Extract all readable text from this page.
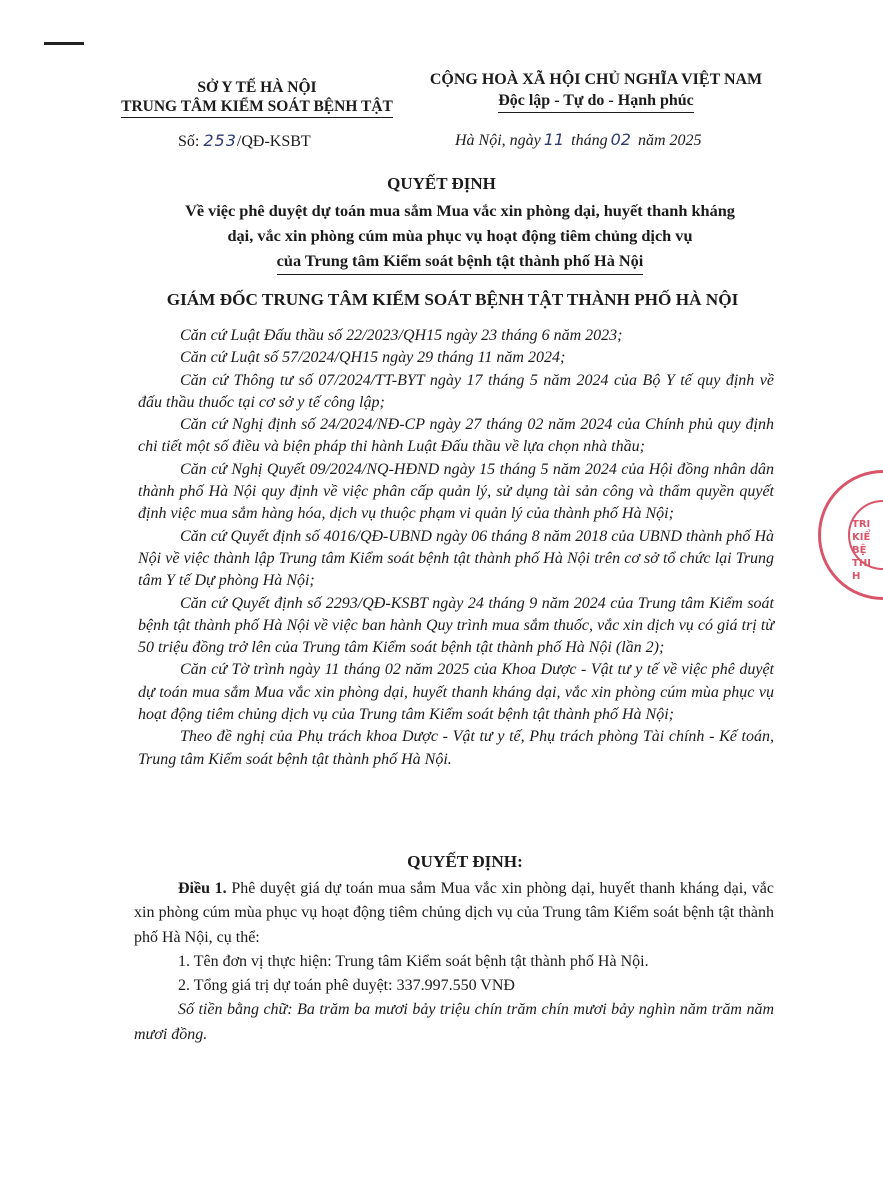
SỞ Y TẾ HÀ NỘI
TRUNG TÂM KIỂM SOÁT BỆNH TẬT
CỘNG HOÀ XÃ HỘI CHỦ NGHĨA VIỆT NAM
Độc lập - Tự do - Hạnh phúc
Số: 253/QĐ-KSBT	Hà Nội, ngày 11 tháng 02 năm 2025
QUYẾT ĐỊNH
Về việc phê duyệt dự toán mua sắm Mua vắc xin phòng dại, huyết thanh kháng
dại, vắc xin phòng cúm mùa phục vụ hoạt động tiêm chủng dịch vụ
của Trung tâm Kiểm soát bệnh tật thành phố Hà Nội
GIÁM ĐỐC TRUNG TÂM KIỂM SOÁT BỆNH TẬT THÀNH PHỐ HÀ NỘI

Căn cứ Luật Đấu thầu số 22/2023/QH15 ngày 23 tháng 6 năm 2023;

Căn cứ Luật số 57/2024/QH15 ngày 29 tháng 11 năm 2024;

Căn cứ Thông tư số 07/2024/TT-BYT ngày 17 tháng 5 năm 2024 của Bộ Y tế quy định về đấu thầu thuốc tại cơ sở y tế công lập;

Căn cứ Nghị định số 24/2024/NĐ-CP ngày 27 tháng 02 năm 2024 của Chính phủ quy định chi tiết một số điều và biện pháp thi hành Luật Đấu thầu về lựa chọn nhà thầu;

Căn cứ Nghị Quyết 09/2024/NQ-HĐND ngày 15 tháng 5 năm 2024 của Hội đồng nhân dân thành phố Hà Nội quy định về việc phân cấp quản lý, sử dụng tài sản công và thẩm quyền quyết định việc mua sắm hàng hóa, dịch vụ thuộc phạm vi quản lý của thành phố Hà Nội;

Căn cứ Quyết định số 4016/QĐ-UBND ngày 06 tháng 8 năm 2018 của UBND thành phố Hà Nội về việc thành lập Trung tâm Kiểm soát bệnh tật thành phố Hà Nội trên cơ sở tổ chức lại Trung tâm Y tế Dự phòng Hà Nội;

Căn cứ Quyết định số 2293/QĐ-KSBT ngày 24 tháng 9 năm 2024 của Trung tâm Kiểm soát bệnh tật thành phố Hà Nội về việc ban hành Quy trình mua sắm thuốc, vắc xin dịch vụ có giá trị từ 50 triệu đồng trở lên của Trung tâm Kiểm soát bệnh tật thành phố Hà Nội (lần 2);

Căn cứ Tờ trình ngày 11 tháng 02 năm 2025 của Khoa Dược - Vật tư y tế về việc phê duyệt dự toán mua sắm Mua vắc xin phòng dại, huyết thanh kháng dại, vắc xin phòng cúm mùa phục vụ hoạt động tiêm chủng dịch vụ của Trung tâm Kiểm soát bệnh tật thành phố Hà Nội;

Theo đề nghị của Phụ trách khoa Dược - Vật tư y tế, Phụ trách phòng Tài chính - Kế toán, Trung tâm Kiểm soát bệnh tật thành phố Hà Nội.

QUYẾT ĐỊNH:

Điều 1. Phê duyệt giá dự toán mua sắm Mua vắc xin phòng dại, huyết thanh kháng dại, vắc xin phòng cúm mùa phục vụ hoạt động tiêm chủng dịch vụ của Trung tâm Kiểm soát bệnh tật thành phố Hà Nội, cụ thể:

1. Tên đơn vị thực hiện: Trung tâm Kiểm soát bệnh tật thành phố Hà Nội.

2. Tổng giá trị dự toán phê duyệt: 337.997.550 VNĐ

Số tiền bằng chữ: Ba trăm ba mươi bảy triệu chín trăm chín mươi bảy nghìn năm trăm năm mươi đồng.

TRI
KIỂ
BỆ
THI
H
